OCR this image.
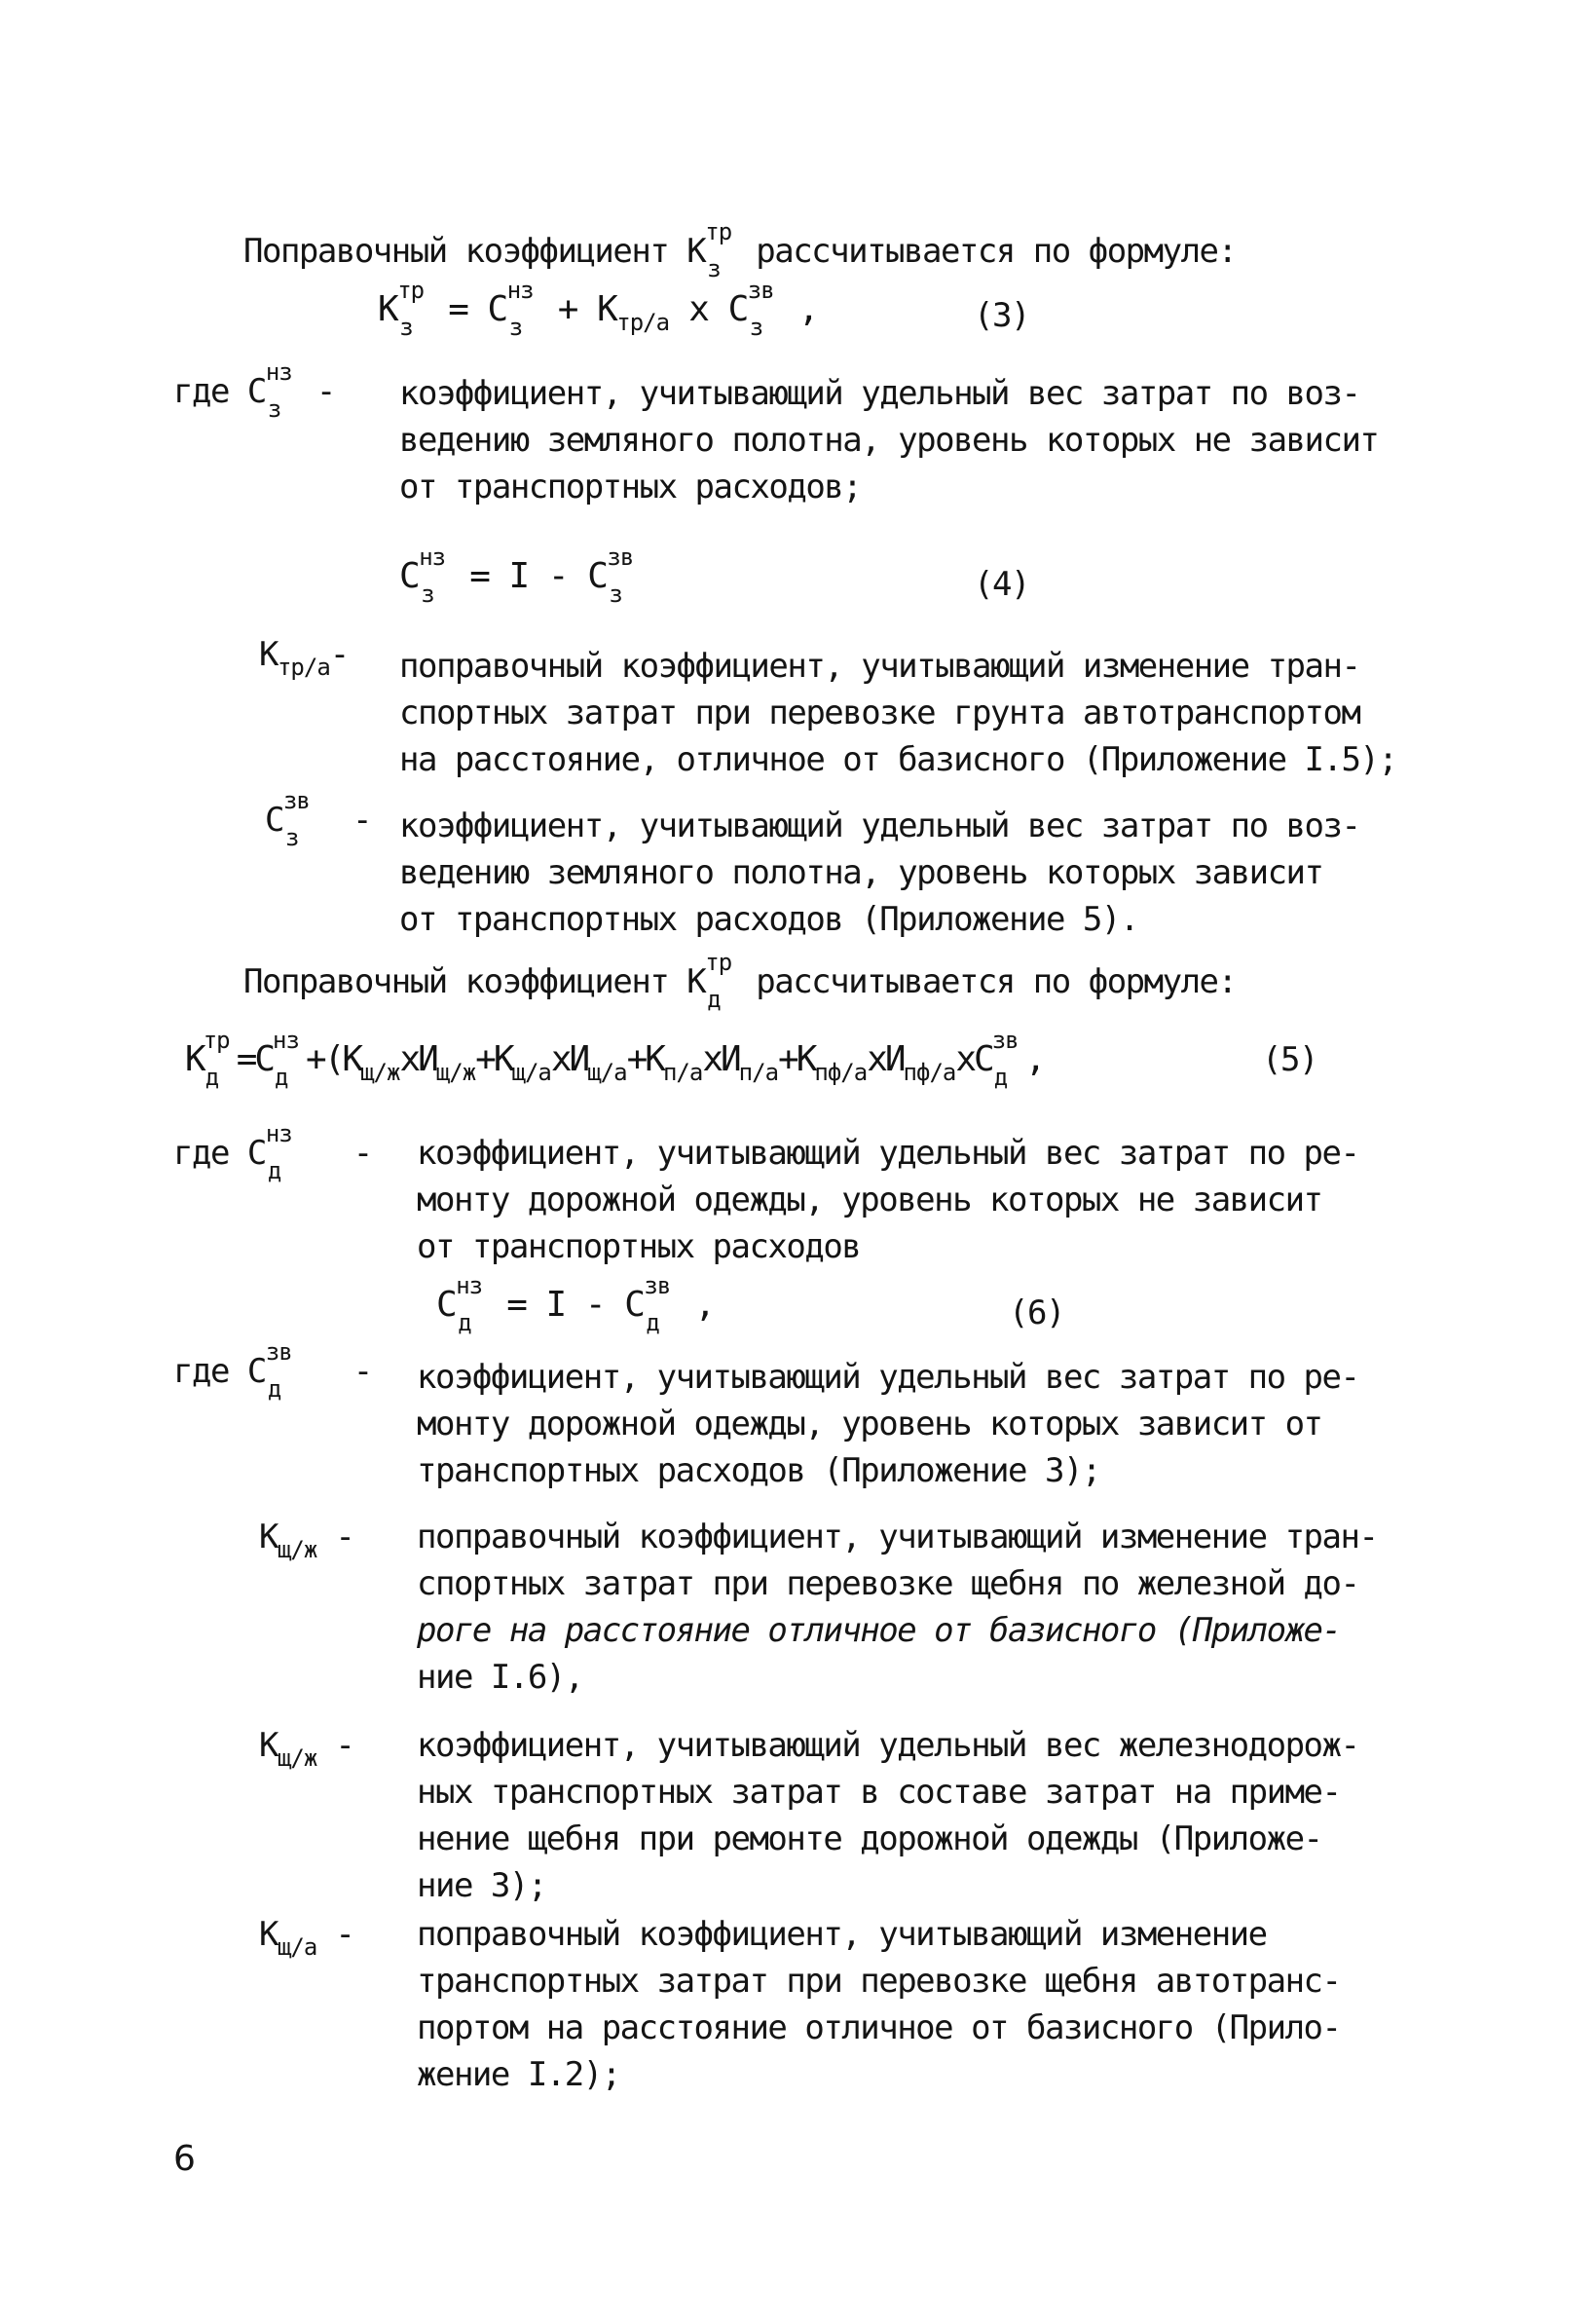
Поправочный коэффициент К тр
з рассчитывается по формуле:
К тр
з = С нз
$з + К_{тр/а}$ x С зв
з ,	(3)
где С нз
з - коэффициент, учитывающий удельный вес затрат по воз-
ведению земляного полотна, уровень которых не зависит
от транспортных расходов;
С нз
з = I - С зв
з	(4)
$К_{тр/а}-$ поправочный коэффициент, учитывающий изменение тран-
спортных затрат при перевозке грунта автотранспортом
на расстояние, отличное от базисного (Приложение I.5);
С зв
з - коэффициент, учитывающий удельный вес затрат по воз-
ведению земляного полотна, уровень которых зависит
от транспортных расходов (Приложение 5).
Поправочный коэффициент К тр
д рассчитывается по формуле:
К тр
д =С нз
$д +(К_{щ/ж}хИ_{щ/ж}+К_{щ/а}хИ_{щ/а}+К_{п/а}хИ_{п/а}+К_{пф/а}хИ_{пф/а}хС$ зв
д ,	(5)
где С нз
д - коэффициент, учитывающий удельный вес затрат по ре-
монту дорожной одежды, уровень которых не зависит
от транспортных расходов
С нз
д = I - С зв
д ,	(6)
где С зв
д - коэффициент, учитывающий удельный вес затрат по ре-
монту дорожной одежды, уровень которых зависит от
транспортных расходов (Приложение 3);
$К_{щ/ж}$ - поправочный коэффициент, учитывающий изменение тран-
спортных затрат при перевозке щебня по железной до-
роге на расстояние отличное от базисного (Приложе-
ние I.6),
$К_{щ/ж}$ - коэффициент, учитывающий удельный вес железнодорож-
ных транспортных затрат в составе затрат на приме-
нение щебня при ремонте дорожной одежды (Приложе-
ние 3);
$К_{щ/а}$ - поправочный коэффициент, учитывающий изменение
транспортных затрат при перевозке щебня автотранс-
портом на расстояние отличное от базисного (Прило-
жение I.2);
6
